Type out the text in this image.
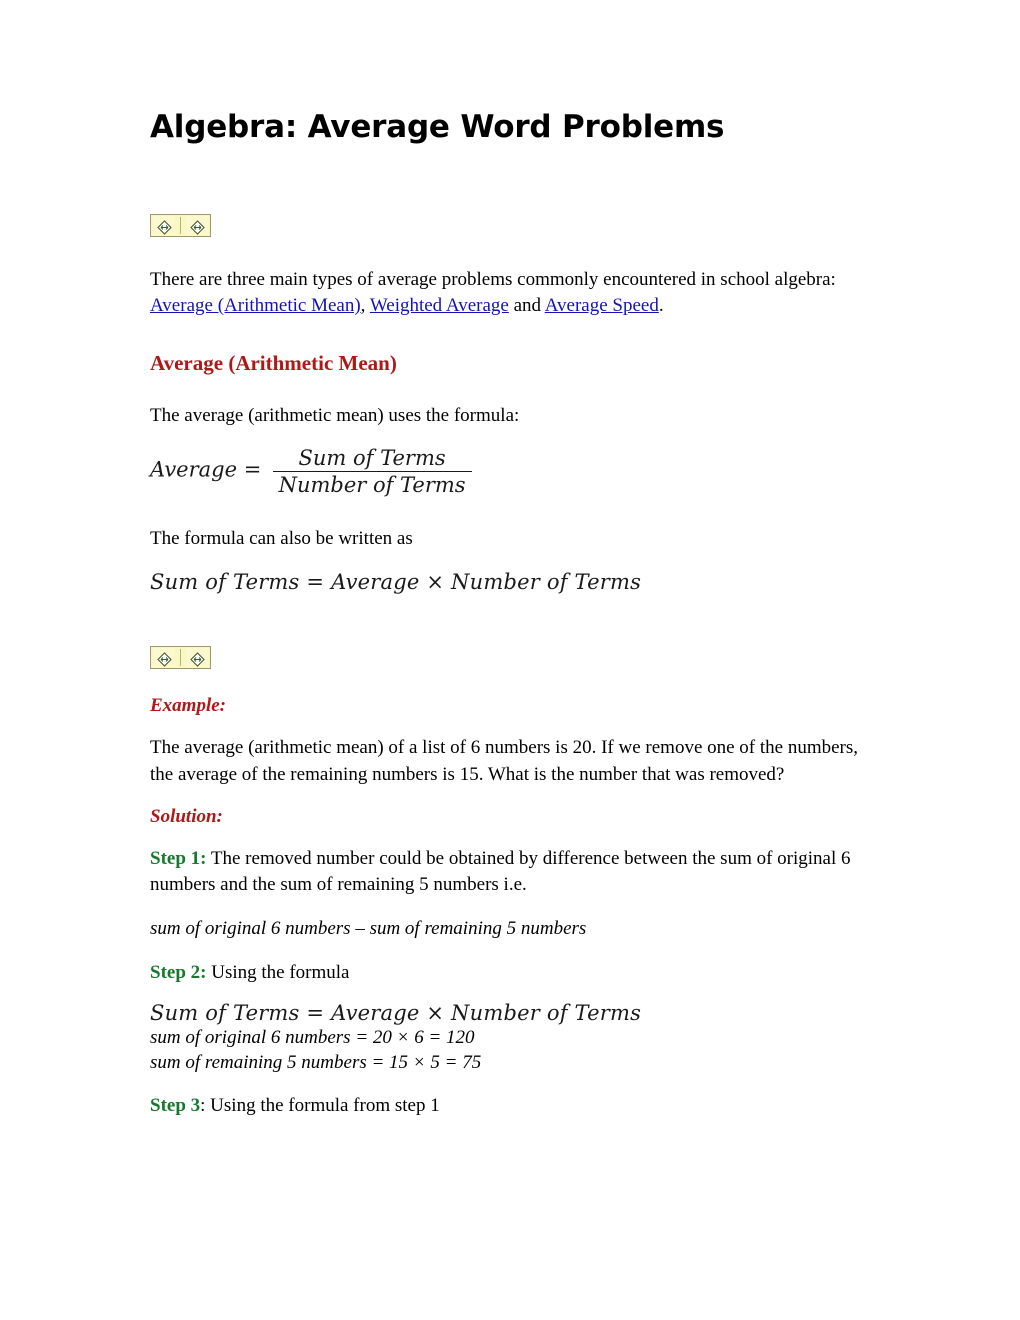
Algebra: Average Word Problems

There are three main types of average problems commonly encountered in school algebra: Average (Arithmetic Mean), Weighted Average and Average Speed.

Average (Arithmetic Mean)

The average (arithmetic mean) uses the formula:

Average = $\frac{\text{Sum of Terms}}{\text{Number of Terms}}$

The formula can also be written as

Sum of Terms = Average × Number of Terms

Example:

The average (arithmetic mean) of a list of 6 numbers is 20. If we remove one of the numbers, the average of the remaining numbers is 15. What is the number that was removed?

Solution:

Step 1: The removed number could be obtained by difference between the sum of original 6 numbers and the sum of remaining 5 numbers i.e.

sum of original 6 numbers – sum of remaining 5 numbers

Step 2: Using the formula

Sum of Terms = Average × Number of Terms
sum of original 6 numbers = 20 × 6 = 120
sum of remaining 5 numbers = 15 × 5 = 75

Step 3: Using the formula from step 1
